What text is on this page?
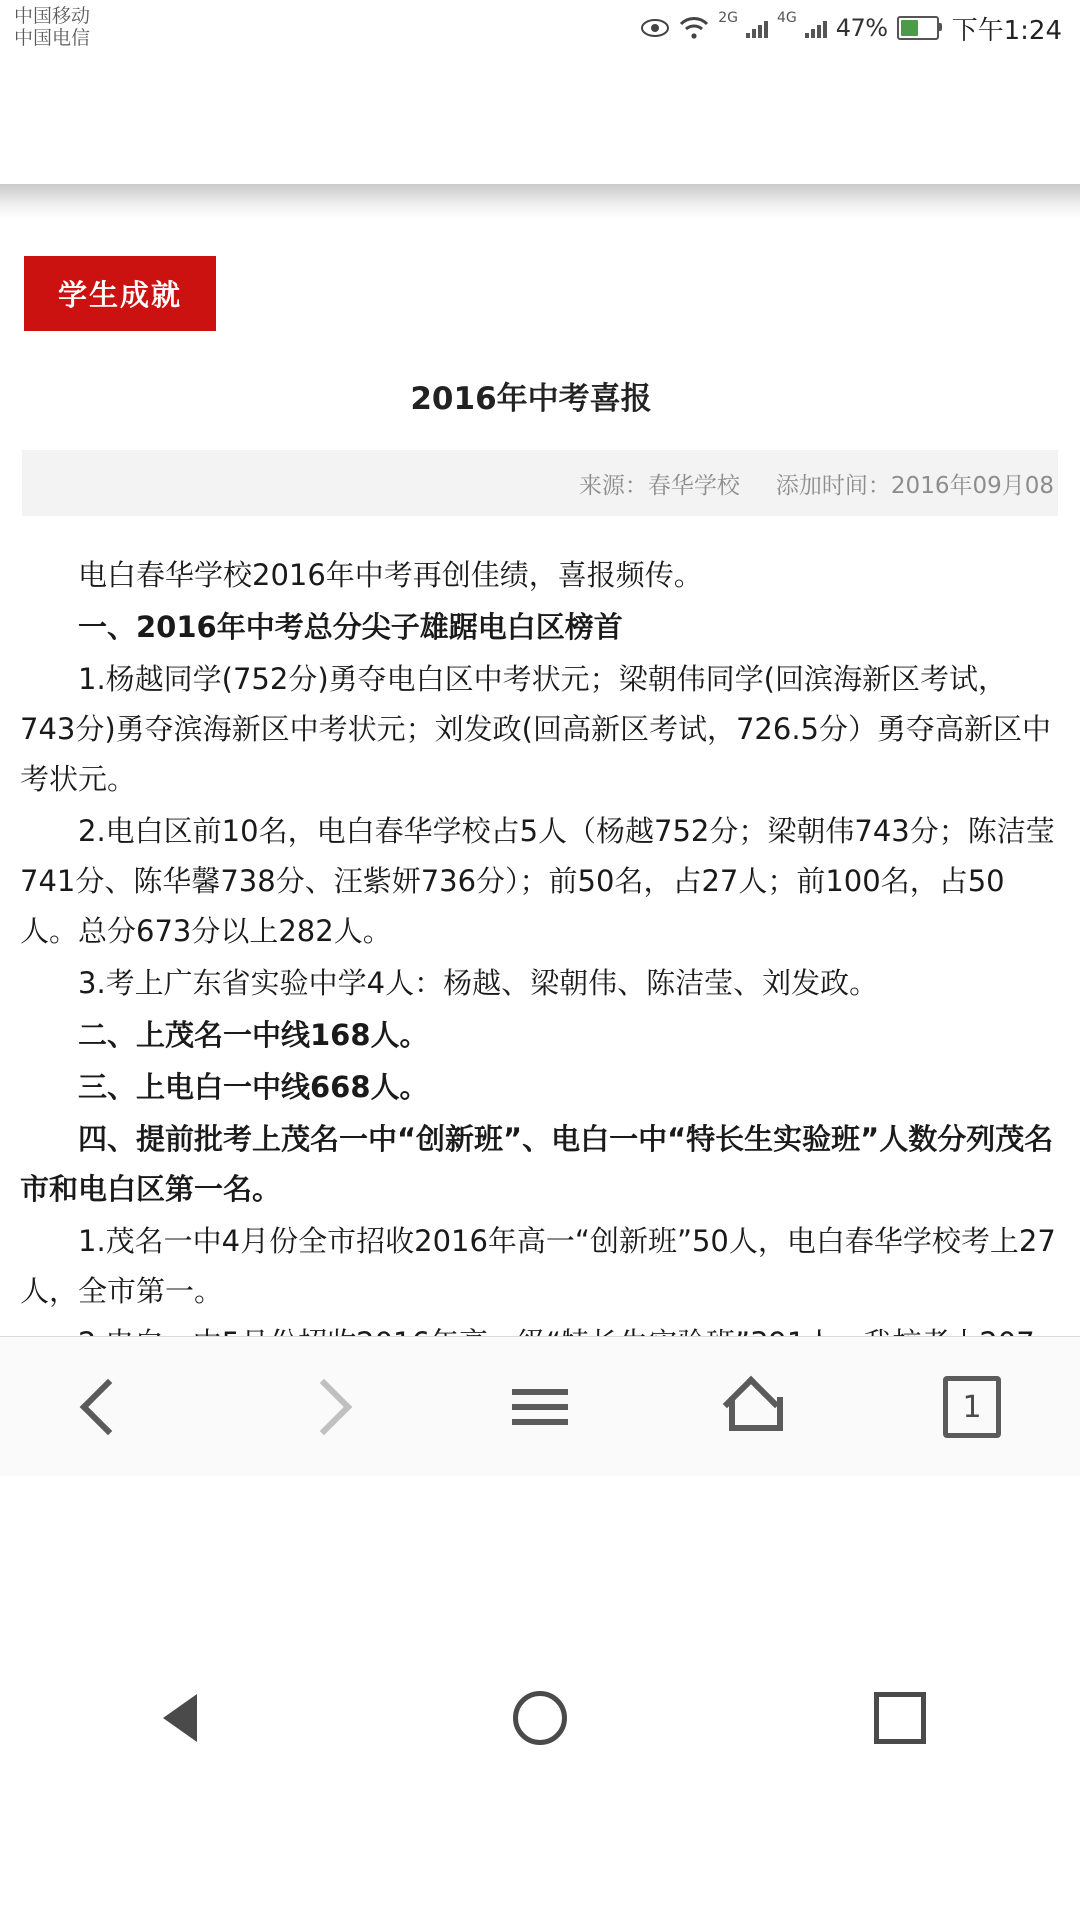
中国移动
中国电信
2G	4G 47% 下午1:24
学生成就
2016年中考喜报
来源：春华学校 添加时间：2016年09月08

电白春华学校2016年中考再创佳绩，喜报频传。

一、2016年中考总分尖子雄踞电白区榜首

1.杨越同学(752分)勇夺电白区中考状元；梁朝伟同学(回滨海新区考试，743分)勇夺滨海新区中考状元；刘发政(回高新区考试，726.5分）勇夺高新区中考状元。

2.电白区前10名，电白春华学校占5人（杨越752分；梁朝伟743分；陈洁莹741分、陈华馨738分、汪紫妍736分）；前50名，占27人；前100名，占50人。总分673分以上282人。

3.考上广东省实验中学4人：杨越、梁朝伟、陈洁莹、刘发政。

二、上茂名一中线168人。

三、上电白一中线668人。

四、提前批考上茂名一中“创新班”、电白一中“特长生实验班”人数分列茂名市和电白区第一名。

1.茂名一中4月份全市招收2016年高一“创新班”50人，电白春华学校考上27人，全市第一。

1
